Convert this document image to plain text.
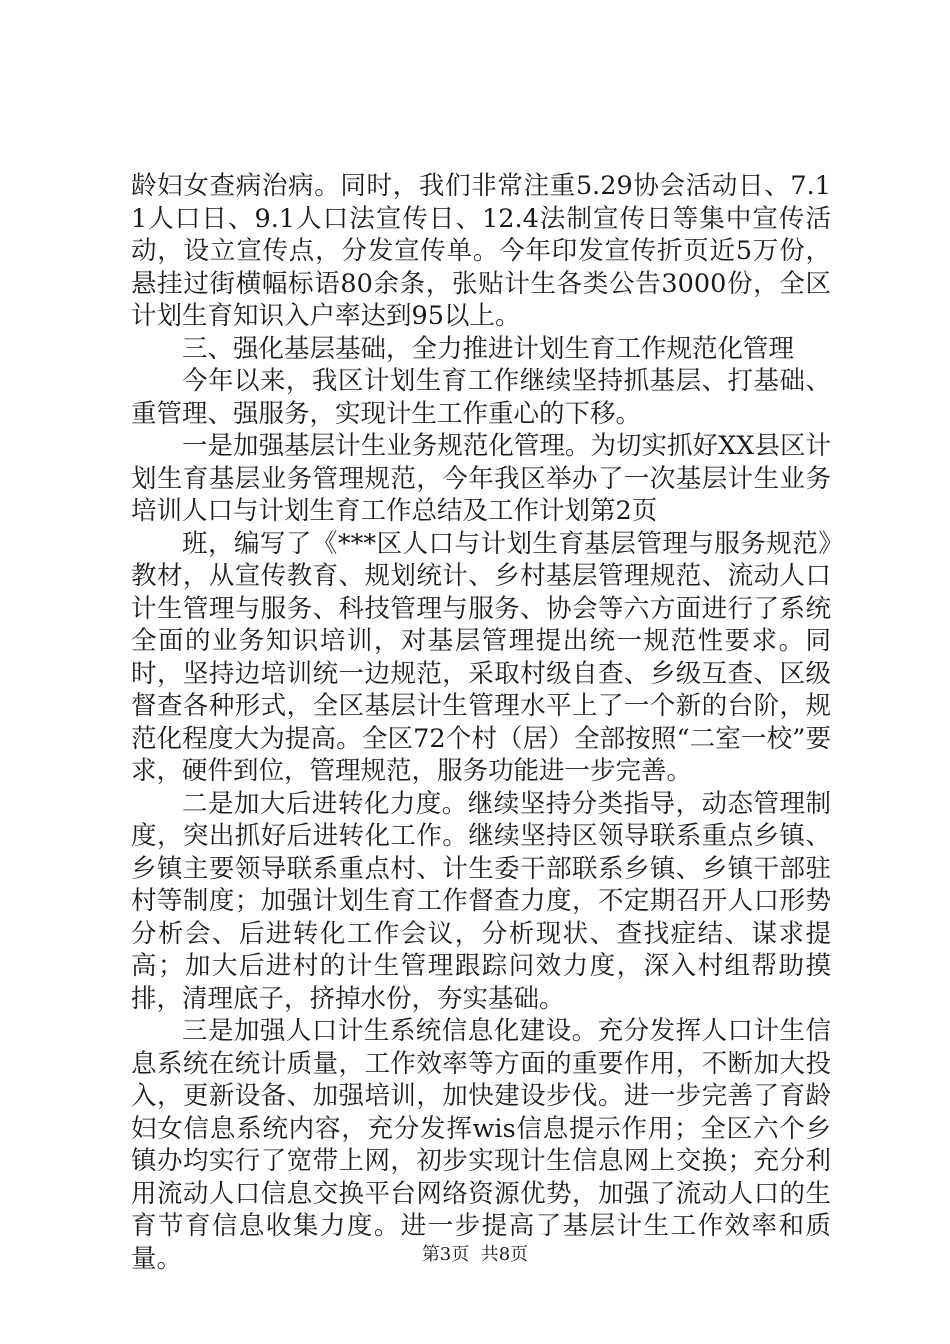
龄妇女查病治病。同时，我们非常注重5.29协会活动日、7.11人口日、9.1人口法宣传日、12.4法制宣传日等集中宣传活动，设立宣传点，分发宣传单。今年印发宣传折页近5万份，悬挂过街横幅标语80余条，张贴计生各类公告3000份，全区计划生育知识入户率达到95以上。

三、强化基层基础，全力推进计划生育工作规范化管理

今年以来，我区计划生育工作继续坚持抓基层、打基础、重管理、强服务，实现计生工作重心的下移。

一是加强基层计生业务规范化管理。为切实抓好XX县区计划生育基层业务管理规范，今年我区举办了一次基层计生业务培训人口与计划生育工作总结及工作计划第2页

班，编写了《***区人口与计划生育基层管理与服务规范》教材，从宣传教育、规划统计、乡村基层管理规范、流动人口计生管理与服务、科技管理与服务、协会等六方面进行了系统全面的业务知识培训，对基层管理提出统一规范性要求。同时，坚持边培训统一边规范，采取村级自查、乡级互查、区级督查各种形式，全区基层计生管理水平上了一个新的台阶，规范化程度大为提高。全区72个村（居）全部按照“二室一校”要求，硬件到位，管理规范，服务功能进一步完善。

二是加大后进转化力度。继续坚持分类指导，动态管理制度，突出抓好后进转化工作。继续坚持区领导联系重点乡镇、乡镇主要领导联系重点村、计生委干部联系乡镇、乡镇干部驻村等制度；加强计划生育工作督查力度，不定期召开人口形势分析会、后进转化工作会议，分析现状、查找症结、谋求提高；加大后进村的计生管理跟踪问效力度，深入村组帮助摸排，清理底子，挤掉水份，夯实基础。

三是加强人口计生系统信息化建设。充分发挥人口计生信息系统在统计质量，工作效率等方面的重要作用，不断加大投入，更新设备、加强培训，加快建设步伐。进一步完善了育龄妇女信息系统内容，充分发挥wis信息提示作用；全区六个乡镇办均实行了宽带上网，初步实现计生信息网上交换；充分利用流动人口信息交换平台网络资源优势，加强了流动人口的生育节育信息收集力度。进一步提高了基层计生工作效率和质量。	第3页  共8页
